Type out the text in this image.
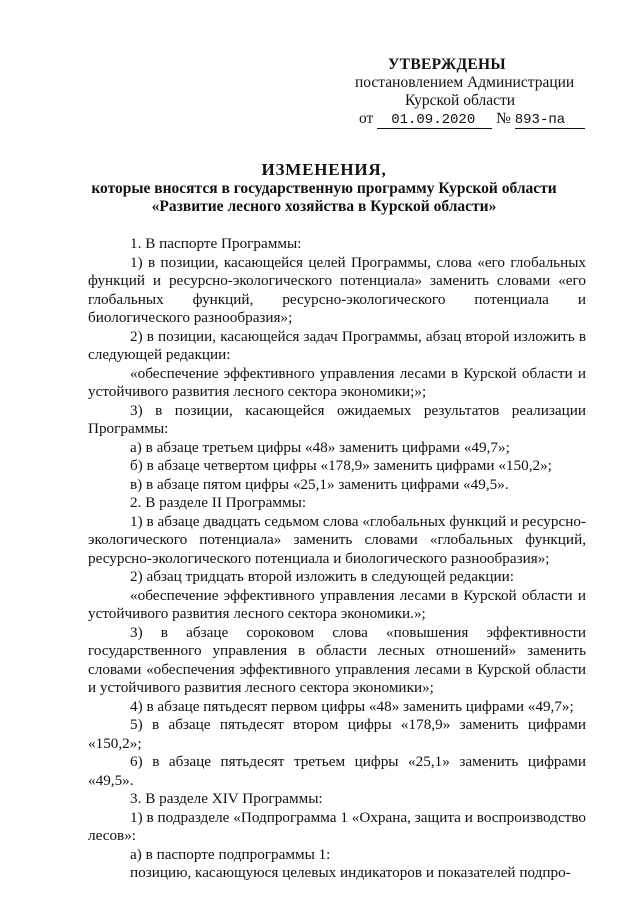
УТВЕРЖДЕНЫ
постановлением Администрации
Курской области
от 01.09.2020 № 893-па
ИЗМЕНЕНИЯ,
которые вносятся в государственную программу Курской области
«Развитие лесного хозяйства в Курской области»

1. В паспорте Программы:

1) в позиции, касающейся целей Программы, слова «его глобальных функций и ресурсно-экологического потенциала» заменить словами «его глобальных функций, ресурсно-экологического потенциала и биологического разнообразия»;

2) в позиции, касающейся задач Программы, абзац второй изложить в следующей редакции:

«обеспечение эффективного управления лесами в Курской области и устойчивого развития лесного сектора экономики;»;

3) в позиции, касающейся ожидаемых результатов реализации Программы:

а) в абзаце третьем цифры «48» заменить цифрами «49,7»;

б) в абзаце четвертом цифры «178,9» заменить цифрами «150,2»;

в) в абзаце пятом цифры «25,1» заменить цифрами «49,5».

2. В разделе II Программы:

1) в абзаце двадцать седьмом слова «глобальных функций и ресурсно-экологического потенциала» заменить словами «глобальных функций, ресурсно-экологического потенциала и биологического разнообразия»;

2) абзац тридцать второй изложить в следующей редакции:

«обеспечение эффективного управления лесами в Курской области и устойчивого развития лесного сектора экономики.»;

3) в абзаце сороковом слова «повышения эффективности государственного управления в области лесных отношений» заменить словами «обеспечения эффективного управления лесами в Курской области и устойчивого развития лесного сектора экономики»;

4) в абзаце пятьдесят первом цифры «48» заменить цифрами «49,7»;

5) в абзаце пятьдесят втором цифры «178,9» заменить цифрами «150,2»;

6) в абзаце пятьдесят третьем цифры «25,1» заменить цифрами «49,5».

3. В разделе XIV Программы:

1) в подразделе «Подпрограмма 1 «Охрана, защита и воспроизводство лесов»:

а) в паспорте подпрограммы 1:

позицию, касающуюся целевых индикаторов и показателей подпро-
